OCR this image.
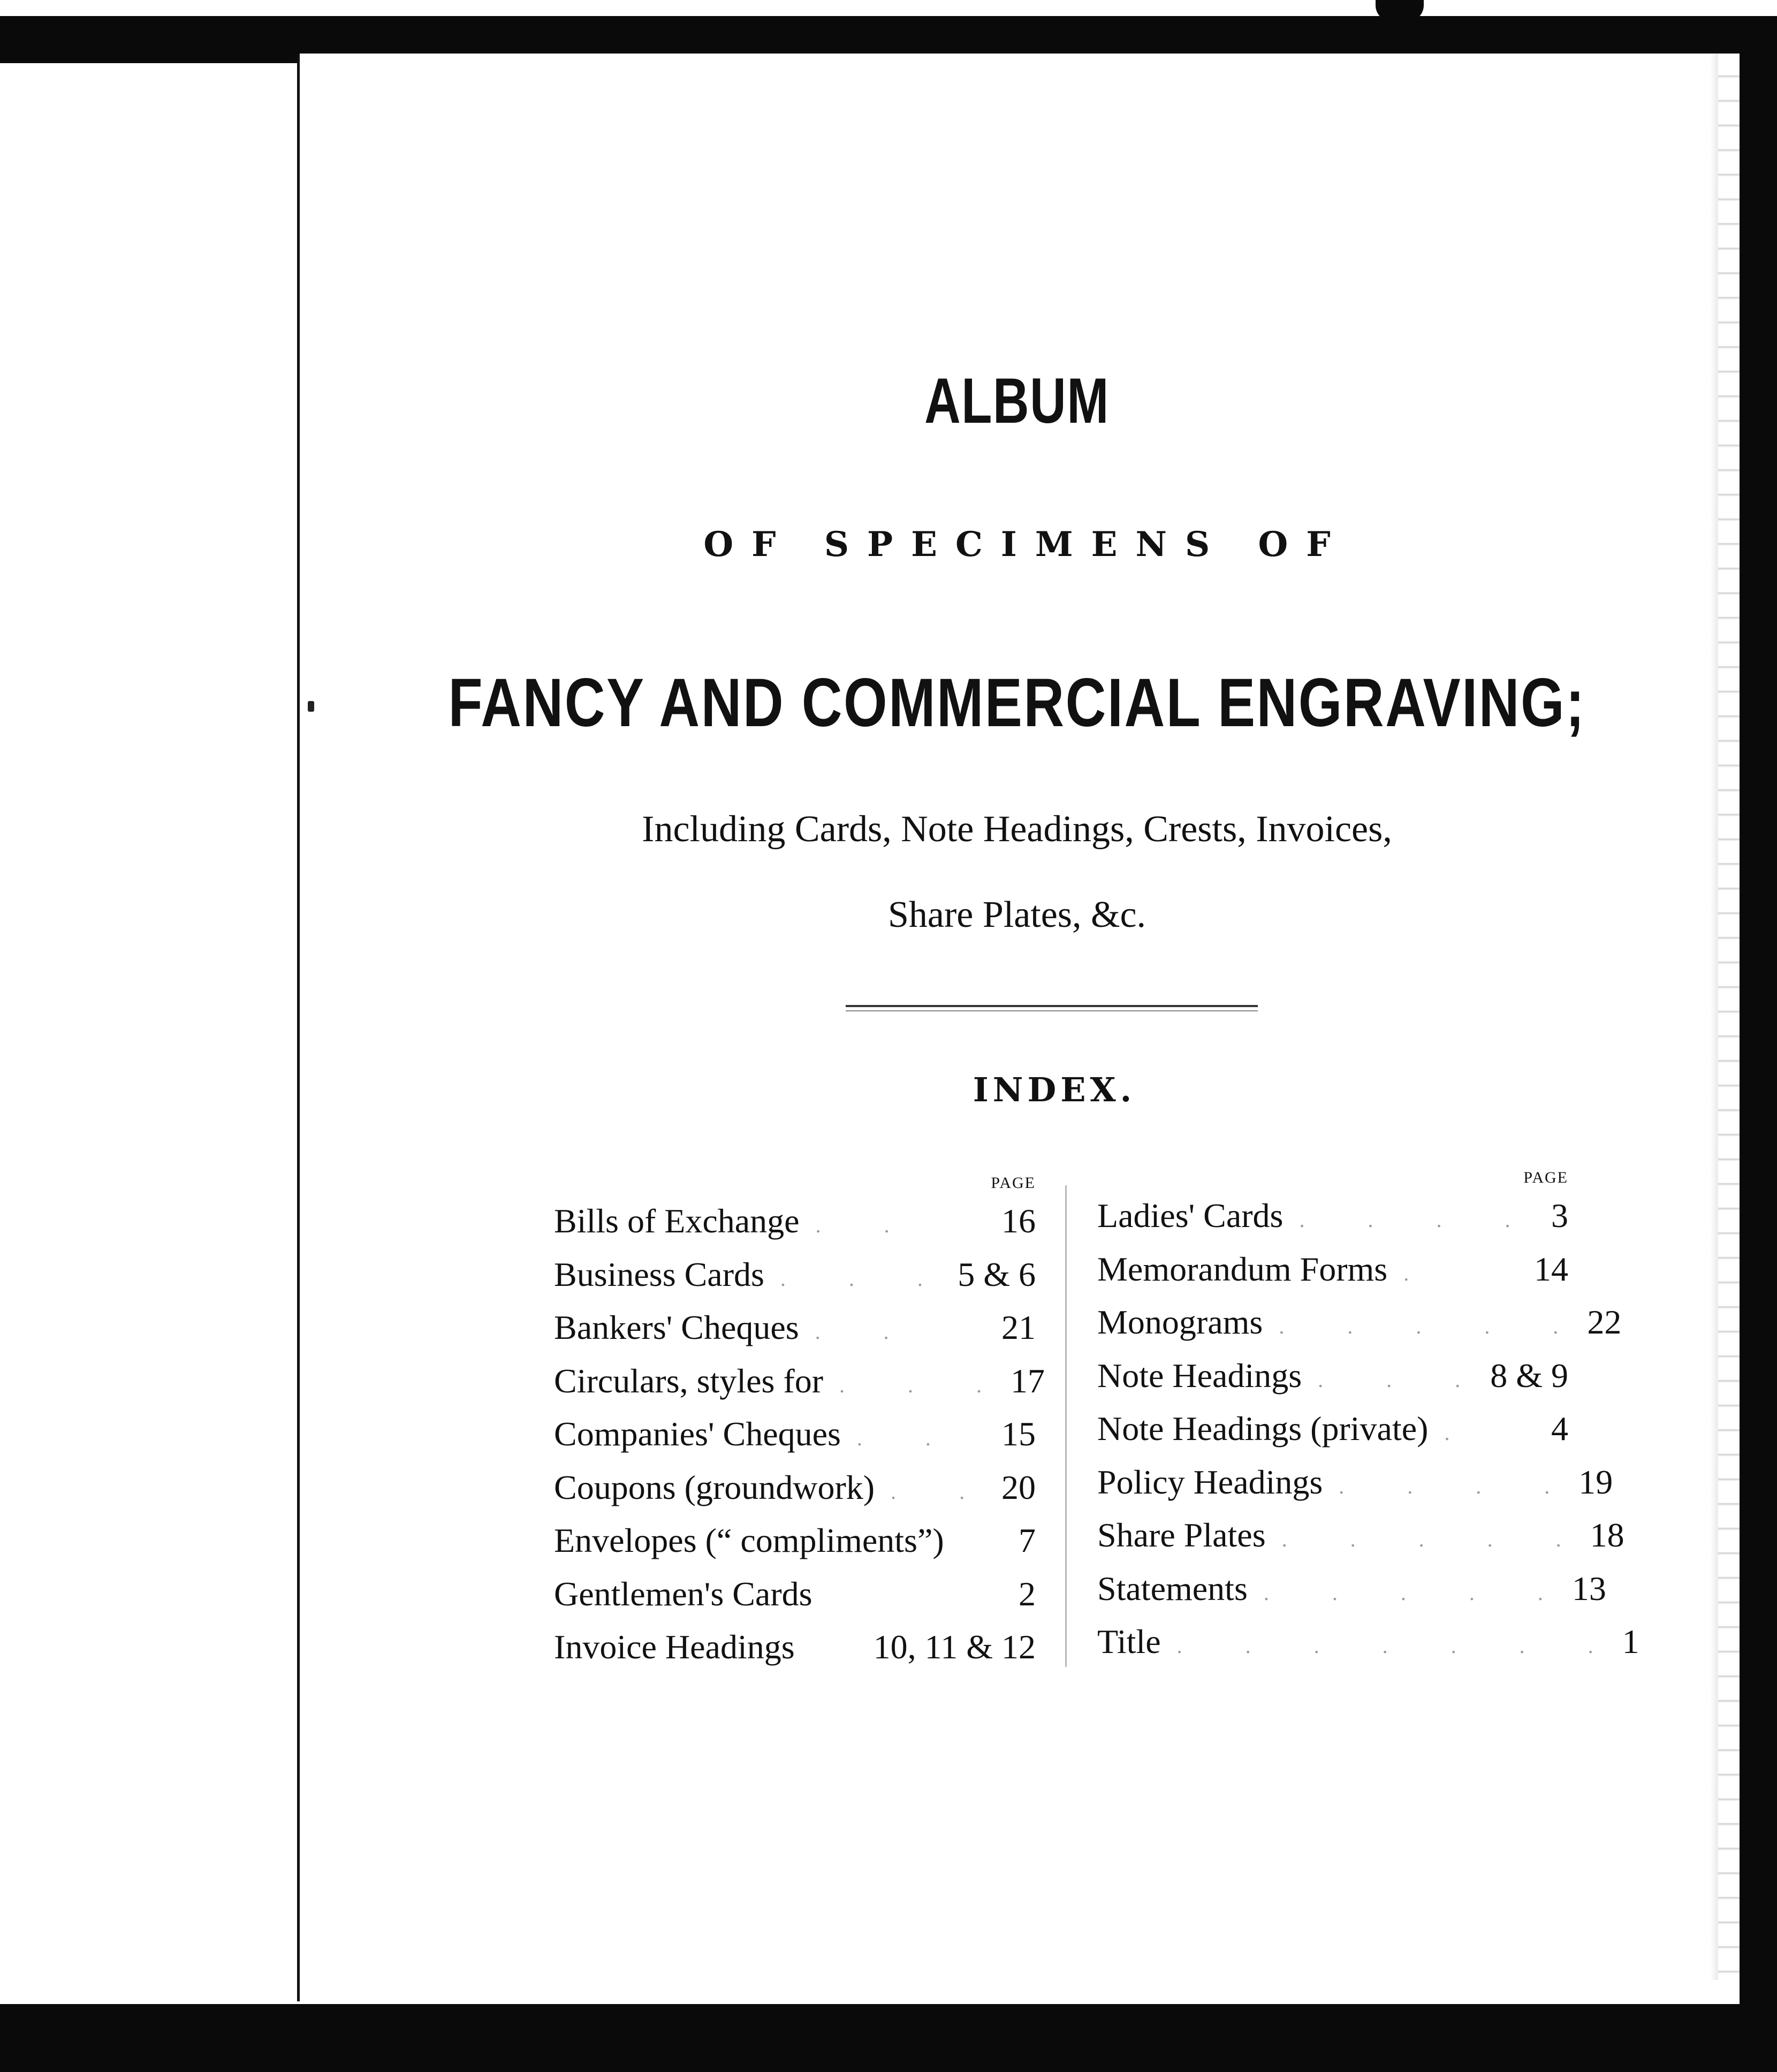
ALBUM
OF SPECIMENS OF
FANCY AND COMMERCIAL ENGRAVING;
Including Cards, Note Headings, Crests, Invoices,
Share Plates, &c.
INDEX.
PAGE
Bills of Exchange . .	16
Business Cards . . . 5 & 6
Bankers' Cheques . .	21
Circulars, styles for . . . 17
Companies' Cheques . .	15
Coupons (groundwork) . . 20
Envelopes (“ compliments”) 7
Gentlemen's Cards	2
Invoice Headings 10, 11 & 12
PAGE
Ladies' Cards . . . . 3
Memorandum Forms .	14
Monograms . . . . . 22
Note Headings . . . 8 & 9
Note Headings (private) .	4
Policy Headings . . . . 19
Share Plates . . . . . 18
Statements . . . . . 13
Title . . . . . . . 1
